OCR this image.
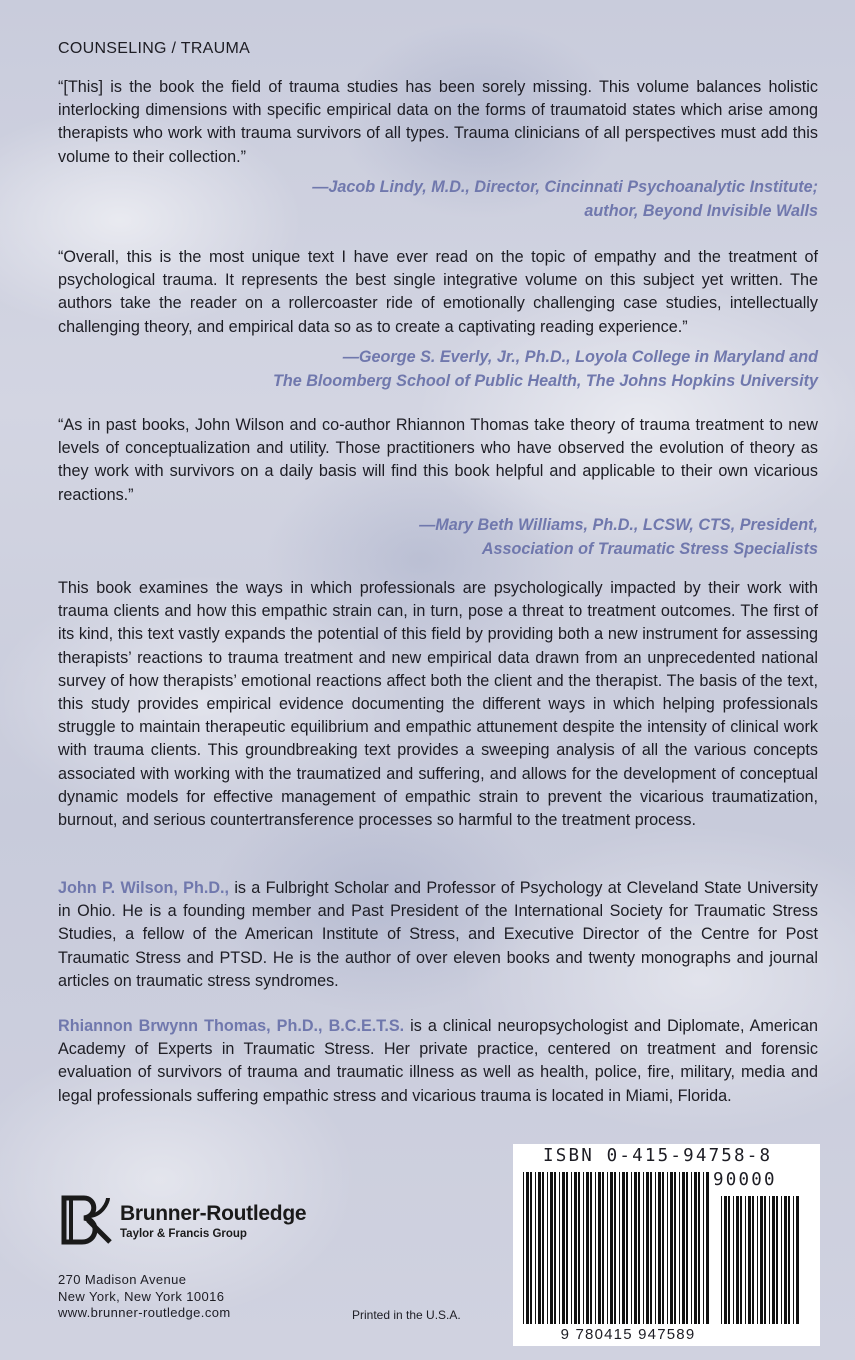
COUNSELING / TRAUMA

“[This] is the book the field of trauma studies has been sorely missing. This volume balances holistic interlocking dimensions with specific empirical data on the forms of traumatoid states which arise among therapists who work with trauma survivors of all types. Trauma clinicians of all perspectives must add this volume to their collection.”

—Jacob Lindy, M.D., Director, Cincinnati Psychoanalytic Institute;
author, Beyond Invisible Walls

“Overall, this is the most unique text I have ever read on the topic of empathy and the treatment of psychological trauma. It represents the best single integrative volume on this subject yet written. The authors take the reader on a rollercoaster ride of emotionally challenging case studies, intellectually challenging theory, and empirical data so as to create a captivating reading experience.”

—George S. Everly, Jr., Ph.D., Loyola College in Maryland and
The Bloomberg School of Public Health, The Johns Hopkins University

“As in past books, John Wilson and co-author Rhiannon Thomas take theory of trauma treatment to new levels of conceptualization and utility. Those practitioners who have observed the evolution of theory as they work with survivors on a daily basis will find this book helpful and applicable to their own vicarious reactions.”

—Mary Beth Williams, Ph.D., LCSW, CTS, President,
Association of Traumatic Stress Specialists

This book examines the ways in which professionals are psychologically impacted by their work with trauma clients and how this empathic strain can, in turn, pose a threat to treatment outcomes. The first of its kind, this text vastly expands the potential of this field by providing both a new instrument for assessing therapists’ reactions to trauma treatment and new empirical data drawn from an unprecedented national survey of how therapists’ emotional reactions affect both the client and the therapist. The basis of the text, this study provides empirical evidence documenting the different ways in which helping professionals struggle to maintain therapeutic equilibrium and empathic attunement despite the intensity of clinical work with trauma clients. This groundbreaking text provides a sweeping analysis of all the various concepts associated with working with the traumatized and suffering, and allows for the development of conceptual dynamic models for effective management of empathic strain to prevent the vicarious traumatization, burnout, and serious countertransference processes so harmful to the treatment process.

John P. Wilson, Ph.D., is a Fulbright Scholar and Professor of Psychology at Cleveland State University in Ohio. He is a founding member and Past President of the International Society for Traumatic Stress Studies, a fellow of the American Institute of Stress, and Executive Director of the Centre for Post Traumatic Stress and PTSD. He is the author of over eleven books and twenty monographs and journal articles on traumatic stress syndromes.

Rhiannon Brwynn Thomas, Ph.D., B.C.E.T.S. is a clinical neuropsychologist and Diplomate, American Academy of Experts in Traumatic Stress. Her private practice, centered on treatment and forensic evaluation of survivors of trauma and traumatic illness as well as health, police, fire, military, media and legal professionals suffering empathic stress and vicarious trauma is located in Miami, Florida.

Brunner-Routledge
Taylor & Francis Group
270 Madison Avenue
New York, New York 10016
www.brunner-routledge.com	Printed in the U.S.A.
ISBN 0-415-94758-8
90000
9 780415 947589
